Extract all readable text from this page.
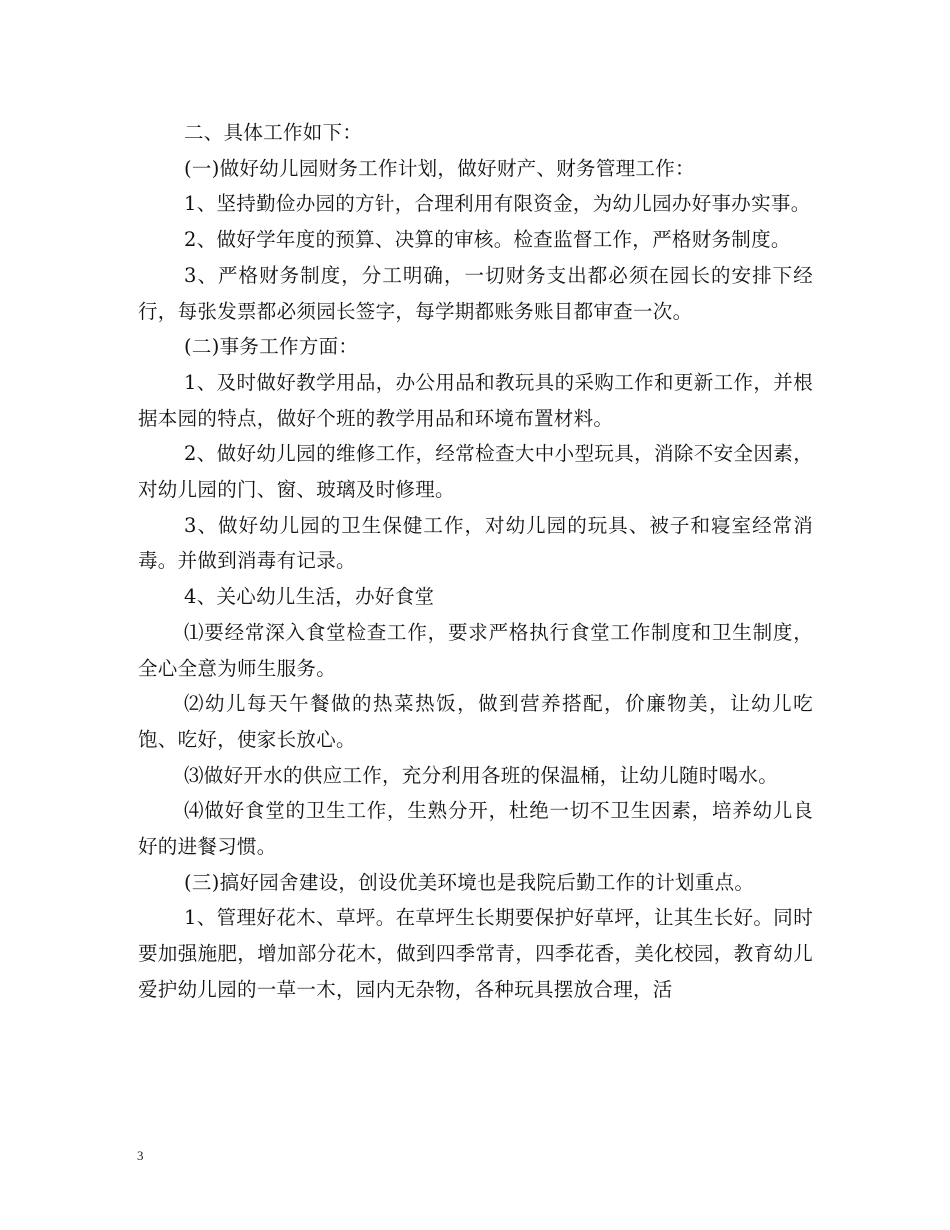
二、具体工作如下：

(一)做好幼儿园财务工作计划，做好财产、财务管理工作：

1、坚持勤俭办园的方针，合理利用有限资金，为幼儿园办好事办实事。

2、做好学年度的预算、决算的审核。检查监督工作，严格财务制度。

3、严格财务制度，分工明确，一切财务支出都必须在园长的安排下经行，每张发票都必须园长签字，每学期都账务账目都审查一次。

(二)事务工作方面：

1、及时做好教学用品，办公用品和教玩具的采购工作和更新工作，并根据本园的特点，做好个班的教学用品和环境布置材料。

2、做好幼儿园的维修工作，经常检查大中小型玩具，消除不安全因素，对幼儿园的门、窗、玻璃及时修理。

3、做好幼儿园的卫生保健工作，对幼儿园的玩具、被子和寝室经常消毒。并做到消毒有记录。

4、关心幼儿生活，办好食堂

⑴要经常深入食堂检查工作，要求严格执行食堂工作制度和卫生制度，全心全意为师生服务。

⑵幼儿每天午餐做的热菜热饭，做到营养搭配，价廉物美，让幼儿吃饱、吃好，使家长放心。

⑶做好开水的供应工作，充分利用各班的保温桶，让幼儿随时喝水。

⑷做好食堂的卫生工作，生熟分开，杜绝一切不卫生因素，培养幼儿良好的进餐习惯。

(三)搞好园舍建设，创设优美环境也是我院后勤工作的计划重点。

1、管理好花木、草坪。在草坪生长期要保护好草坪，让其生长好。同时要加强施肥，增加部分花木，做到四季常青，四季花香，美化校园，教育幼儿爱护幼儿园的一草一木，园内无杂物，各种玩具摆放合理，活

3
